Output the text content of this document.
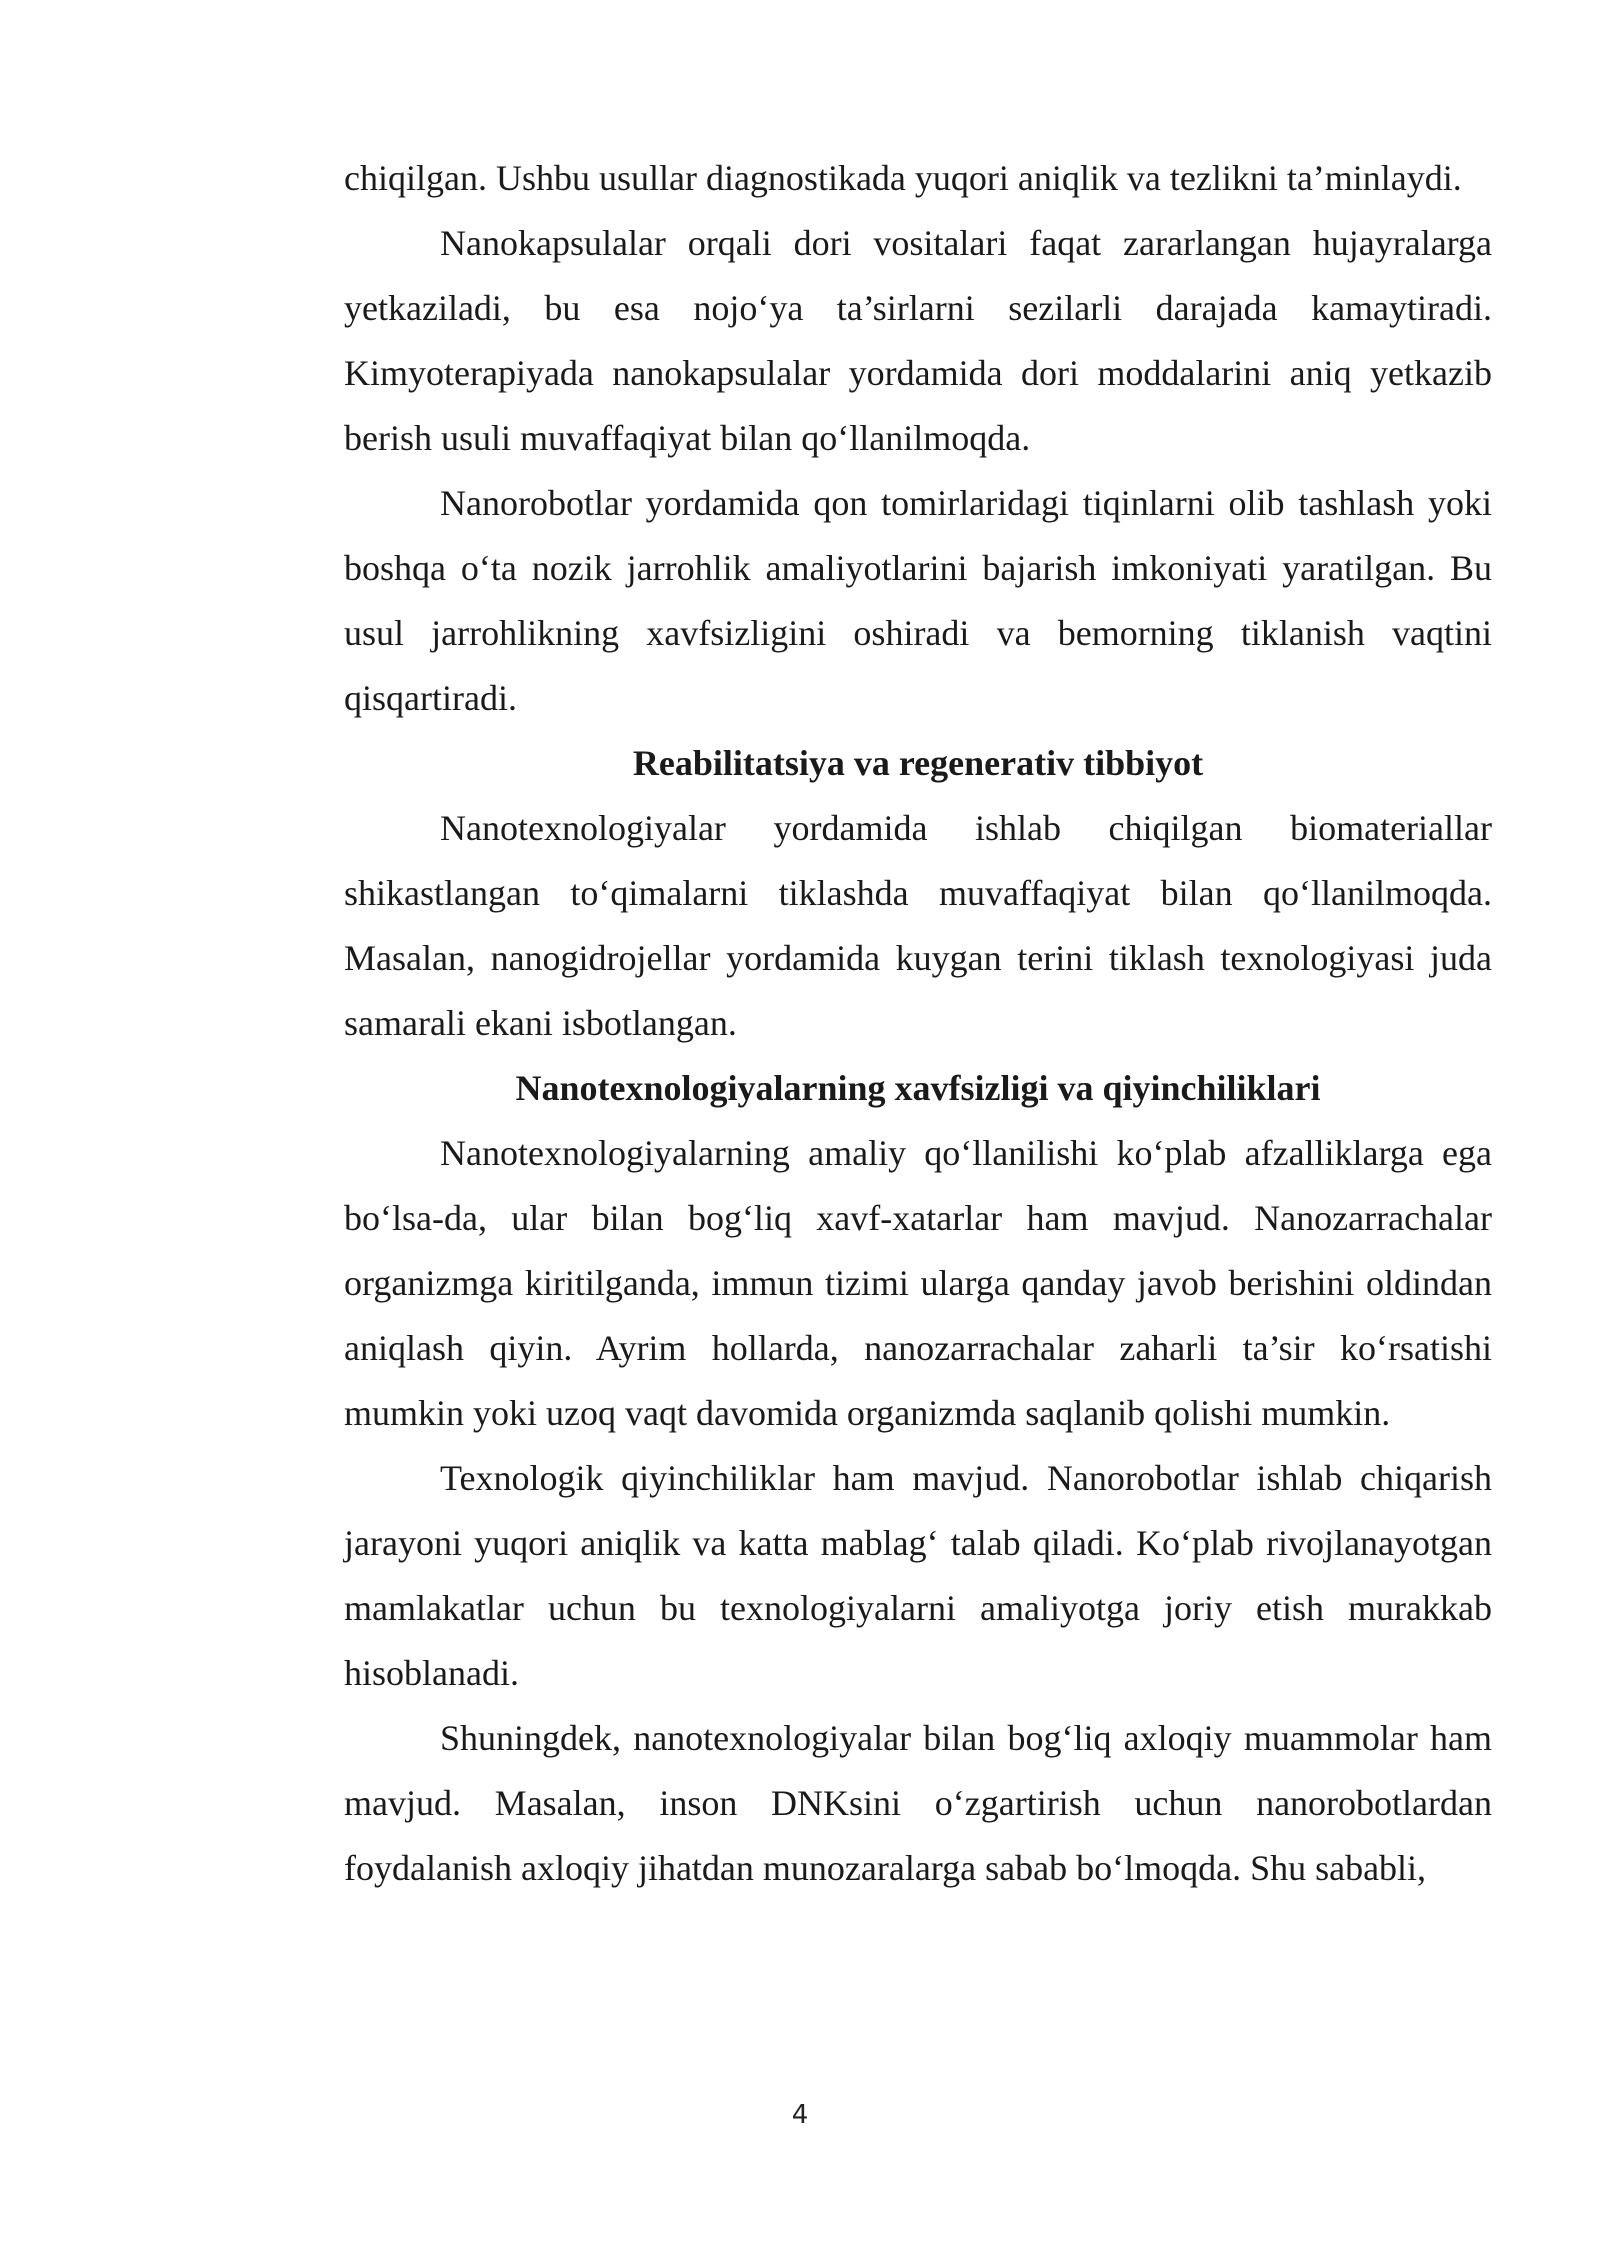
chiqilgan. Ushbu usullar diagnostikada yuqori aniqlik va tezlikni ta’minlaydi.

Nanokapsulalar orqali dori vositalari faqat zararlangan hujayralarga yetkaziladi, bu esa nojo‘ya ta’sirlarni sezilarli darajada kamaytiradi. Kimyoterapiyada nanokapsulalar yordamida dori moddalarini aniq yetkazib berish usuli muvaffaqiyat bilan qo‘llanilmoqda.

Nanorobotlar yordamida qon tomirlaridagi tiqinlarni olib tashlash yoki boshqa o‘ta nozik jarrohlik amaliyotlarini bajarish imkoniyati yaratilgan. Bu usul jarrohlikning xavfsizligini oshiradi va bemorning tiklanish vaqtini qisqartiradi.

Reabilitatsiya va regenerativ tibbiyot

Nanotexnologiyalar yordamida ishlab chiqilgan biomateriallar shikastlangan to‘qimalarni tiklashda muvaffaqiyat bilan qo‘llanilmoqda. Masalan, nanogidrojellar yordamida kuygan terini tiklash texnologiyasi juda samarali ekani isbotlangan.

Nanotexnologiyalarning xavfsizligi va qiyinchiliklari

Nanotexnologiyalarning amaliy qo‘llanilishi ko‘plab afzalliklarga ega bo‘lsa-da, ular bilan bog‘liq xavf-xatarlar ham mavjud. Nanozarrachalar organizmga kiritilganda, immun tizimi ularga qanday javob berishini oldindan aniqlash qiyin. Ayrim hollarda, nanozarrachalar zaharli ta’sir ko‘rsatishi mumkin yoki uzoq vaqt davomida organizmda saqlanib qolishi mumkin.

Texnologik qiyinchiliklar ham mavjud. Nanorobotlar ishlab chiqarish jarayoni yuqori aniqlik va katta mablag‘ talab qiladi. Ko‘plab rivojlanayotgan mamlakatlar uchun bu texnologiyalarni amaliyotga joriy etish murakkab hisoblanadi.

Shuningdek, nanotexnologiyalar bilan bog‘liq axloqiy muammolar ham mavjud. Masalan, inson DNKsini o‘zgartirish uchun nanorobotlardan foydalanish axloqiy jihatdan munozaralarga sabab bo‘lmoqda. Shu sababli,

4
